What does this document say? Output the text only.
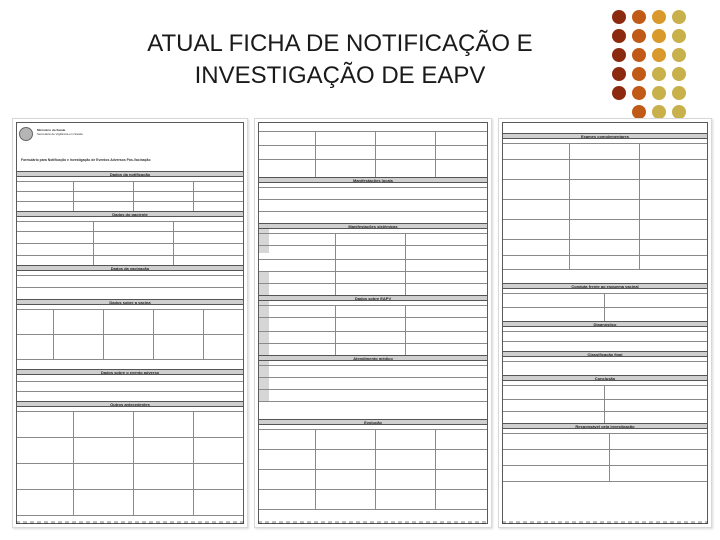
ATUAL FICHA DE NOTIFICAÇÃO E
INVESTIGAÇÃO DE EAPV
Ministério da Saúde
Secretaria de Vigilância em Saúde
Formulário para Notificação e Investigação de Eventos Adversos Pós-Vacinação
Dados da notificação
Dados do paciente
Dados da vacinação
Dados sobre a vacina
Dados sobre o evento adverso
Outros antecedentes
Manifestações locais
Manifestações sistêmicas
Dados sobre EAPV
Atendimento médico
Evolução
Exames complementares
Conduta frente ao esquema vacinal
Diagnóstico
Classificação final
Conclusão
Responsável pela investigação
